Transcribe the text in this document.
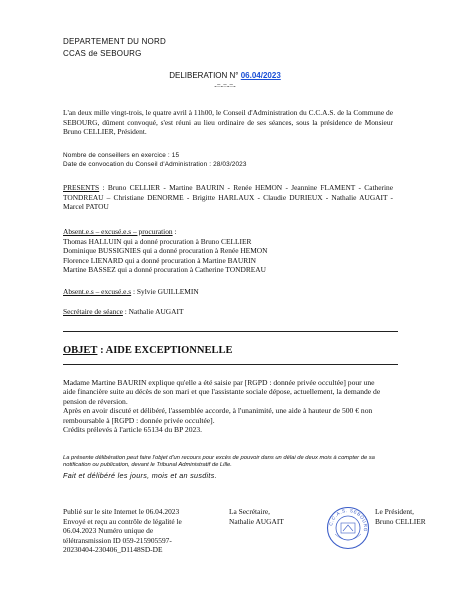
DEPARTEMENT DU NORD
CCAS de SEBOURG
DELIBERATION N° 06.04/2023
-=-=-=-
L'an deux mille vingt-trois, le quatre avril à 11h00, le Conseil d'Administration du C.C.A.S. de la Commune de SEBOURG, dûment convoqué, s'est réuni au lieu ordinaire de ses séances, sous la présidence de Monsieur Bruno CELLIER, Président.
Nombre de conseillers en exercice : 15
Date de convocation du Conseil d'Administration : 28/03/2023
PRESENTS : Bruno CELLIER - Martine BAURIN - Renée HEMON - Jeannine FLAMENT - Catherine TONDREAU – Christiane DENORME - Brigitte HARLAUX - Claudie DURIEUX - Nathalie AUGAIT - Marcel PATOU
Absent.e.s – excusé.e.s – procuration :
Thomas HALLUIN qui a donné procuration à Bruno CELLIER
Dominique BUSSIGNIES qui a donné procuration à Renée HEMON
Florence LIENARD qui a donné procuration à Martine BAURIN
Martine BASSEZ qui a donné procuration à Catherine TONDREAU
Absent.e.s – excusé.e.s : Sylvie GUILLEMIN
Secrétaire de séance : Nathalie AUGAIT
OBJET : AIDE EXCEPTIONNELLE
Madame Martine BAURIN explique qu'elle a été saisie par [RGPD : donnée privée occultée] pour une aide financière suite au décès de son mari et que l'assistante sociale dépose, actuellement, la demande de pension de réversion.
Après en avoir discuté et délibéré, l'assemblée accorde, à l'unanimité, une aide à hauteur de 500 € non remboursable à [RGPD : donnée privée occultée].
Crédits prélevés à l'article 65134 du BP 2023.
La présente délibération peut faire l'objet d'un recours pour excès de pouvoir dans un délai de deux mois à compter de sa notification ou publication, devant le Tribunal Administratif de Lille.
Fait et délibéré les jours, mois et an susdits.
Publié sur le site Internet le 06.04.2023
Envoyé et reçu au contrôle de légalité le
06.04.2023 Numéro unique de
télétransmission ID 059-215905597-
20230404-230406_D1148SD-DE
La Secrétaire,
Nathalie AUGAIT	C.C.A.S. SEBOURG
Le Président,
Bruno CELLIER
